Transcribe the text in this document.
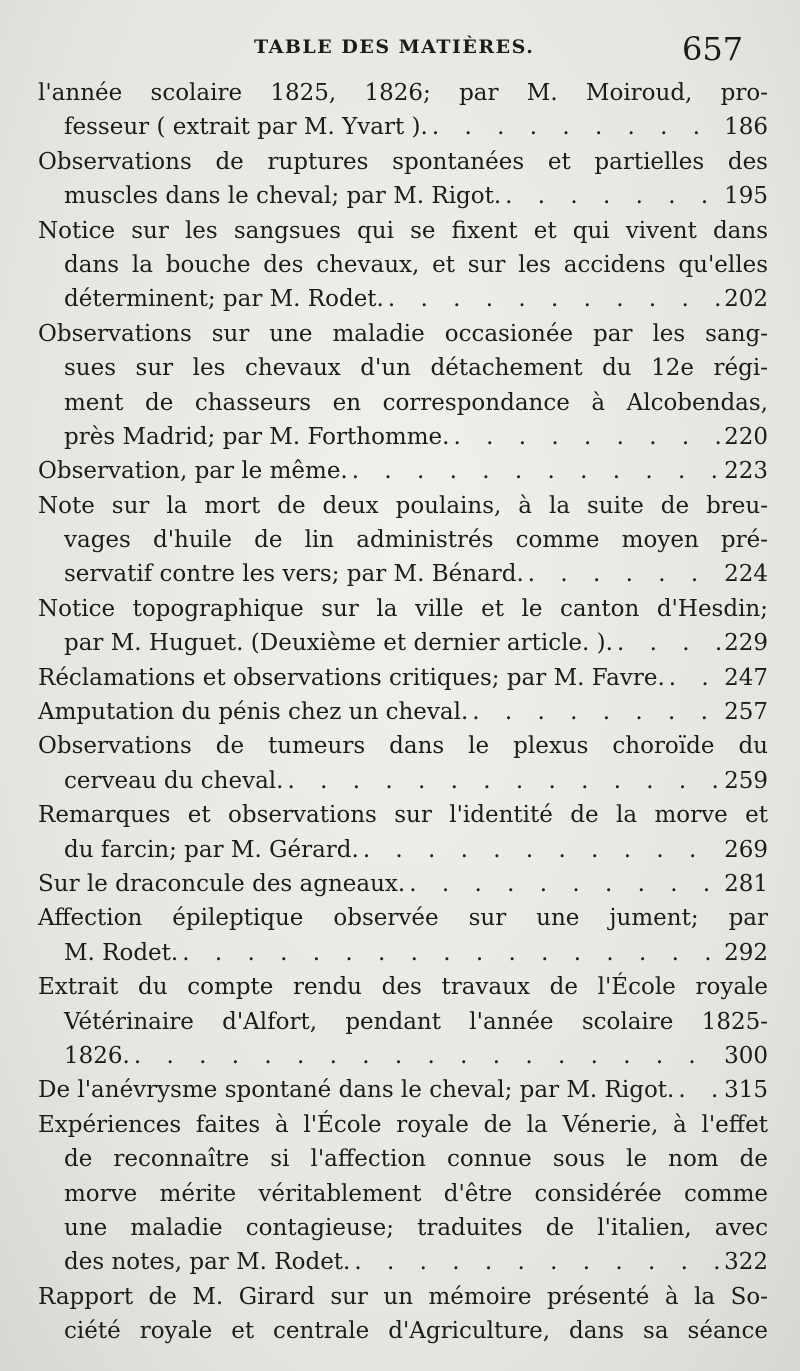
TABLE DES MATIÈRES.	657
l'année scolaire 1825, 1826; par M. Moiroud, pro-
fesseur ( extrait par M. Yvart ). . . .	186
Observations de ruptures spontanées et partielles des
muscles dans le cheval; par M. Rigot. . . .	195
Notice sur les sangsues qui se fixent et qui vivent dans
dans la bouche des chevaux, et sur les accidens qu'elles
déterminent; par M. Rodet. . . .	202
Observations sur une maladie occasionée par les sang-
sues sur les chevaux d'un détachement du 12e régi-
ment de chasseurs en correspondance à Alcobendas,
près Madrid; par M. Forthomme. . . .	220
Observation, par le même. . . .	223
Note sur la mort de deux poulains, à la suite de breu-
vages d'huile de lin administrés comme moyen pré-
servatif contre les vers; par M. Bénard. . . .	224
Notice topographique sur la ville et le canton d'Hesdin;
par M. Huguet. (Deuxième et dernier article. ). . . .	229
Réclamations et observations critiques; par M. Favre. . . .	247
Amputation du pénis chez un cheval. . . .	257
Observations de tumeurs dans le plexus choroïde du
cerveau du cheval. . . .	259
Remarques et observations sur l'identité de la morve et
du farcin; par M. Gérard. . . .	269
Sur le draconcule des agneaux. . . .	281
Affection épileptique observée sur une jument; par
M. Rodet. . . .	292
Extrait du compte rendu des travaux de l'École royale
Vétérinaire d'Alfort, pendant l'année scolaire 1825-
1826. . . .	300
De l'anévrysme spontané dans le cheval; par M. Rigot. . . . 315
Expériences faites à l'École royale de la Vénerie, à l'effet
de reconnaître si l'affection connue sous le nom de
morve mérite véritablement d'être considérée comme
une maladie contagieuse; traduites de l'italien, avec
des notes, par M. Rodet. . . .	322
Rapport de M. Girard sur un mémoire présenté à la So-
ciété royale et centrale d'Agriculture, dans sa séance
